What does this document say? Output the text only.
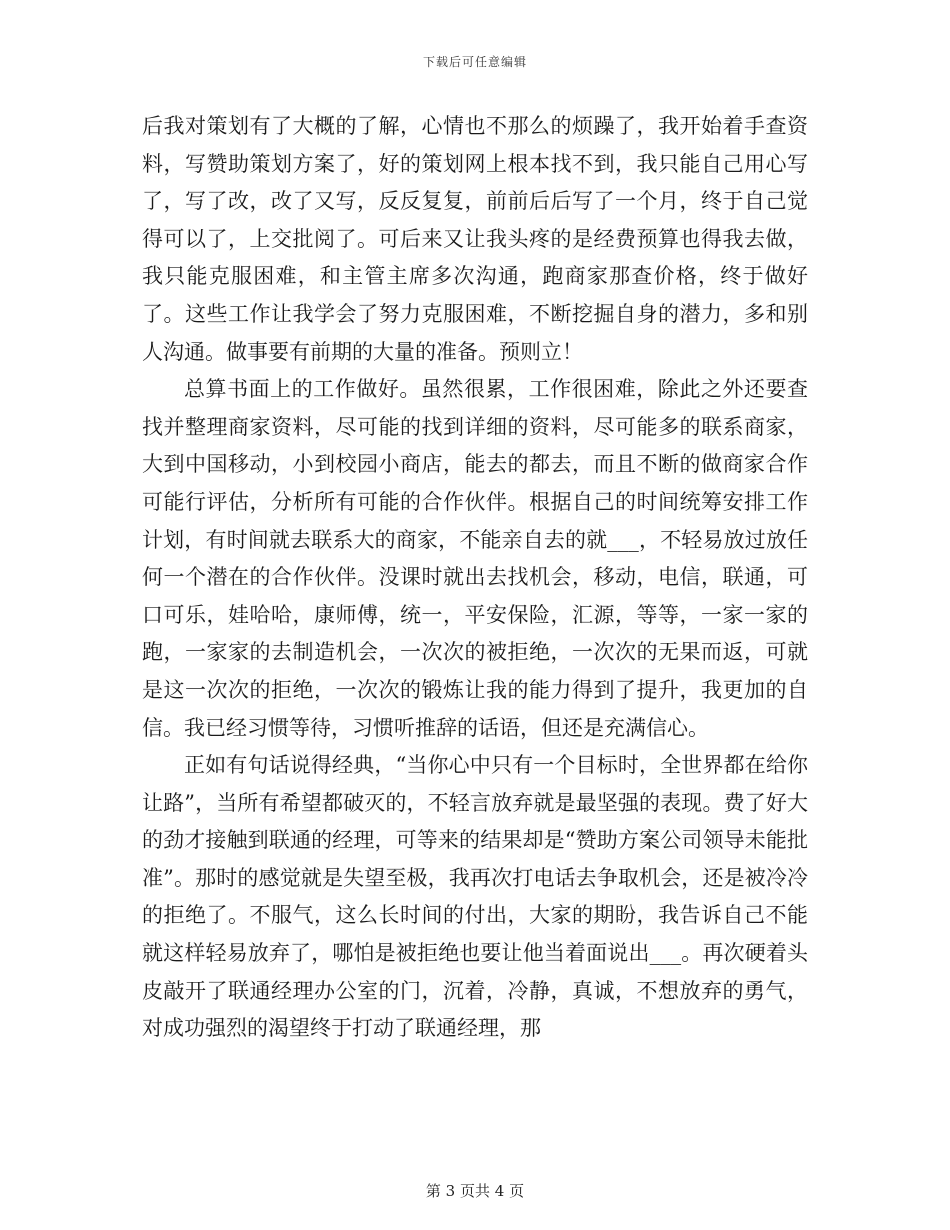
下载后可任意编辑

后我对策划有了大概的了解，心情也不那么的烦躁了，我开始着手查资料，写赞助策划方案了，好的策划网上根本找不到，我只能自己用心写了，写了改，改了又写，反反复复，前前后后写了一个月，终于自己觉得可以了，上交批阅了。可后来又让我头疼的是经费预算也得我去做，我只能克服困难，和主管主席多次沟通，跑商家那查价格，终于做好了。这些工作让我学会了努力克服困难，不断挖掘自身的潜力，多和别人沟通。做事要有前期的大量的准备。预则立！

总算书面上的工作做好。虽然很累，工作很困难，除此之外还要查找并整理商家资料，尽可能的找到详细的资料，尽可能多的联系商家，大到中国移动，小到校园小商店，能去的都去，而且不断的做商家合作可能行评估，分析所有可能的合作伙伴。根据自己的时间统筹安排工作计划，有时间就去联系大的商家，不能亲自去的就___，不轻易放过放任何一个潜在的合作伙伴。没课时就出去找机会，移动，电信，联通，可口可乐，娃哈哈，康师傅，统一，平安保险，汇源，等等，一家一家的跑，一家家的去制造机会，一次次的被拒绝，一次次的无果而返，可就是这一次次的拒绝，一次次的锻炼让我的能力得到了提升，我更加的自信。我已经习惯等待，习惯听推辞的话语，但还是充满信心。

正如有句话说得经典，“当你心中只有一个目标时，全世界都在给你让路”，当所有希望都破灭的，不轻言放弃就是最坚强的表现。费了好大的劲才接触到联通的经理，可等来的结果却是“赞助方案公司领导未能批准”。那时的感觉就是失望至极，我再次打电话去争取机会，还是被冷冷的拒绝了。不服气，这么长时间的付出，大家的期盼，我告诉自己不能就这样轻易放弃了，哪怕是被拒绝也要让他当着面说出___。再次硬着头皮敲开了联通经理办公室的门，沉着，冷静，真诚，不想放弃的勇气，对成功强烈的渴望终于打动了联通经理，那

第 3 页共 4 页
